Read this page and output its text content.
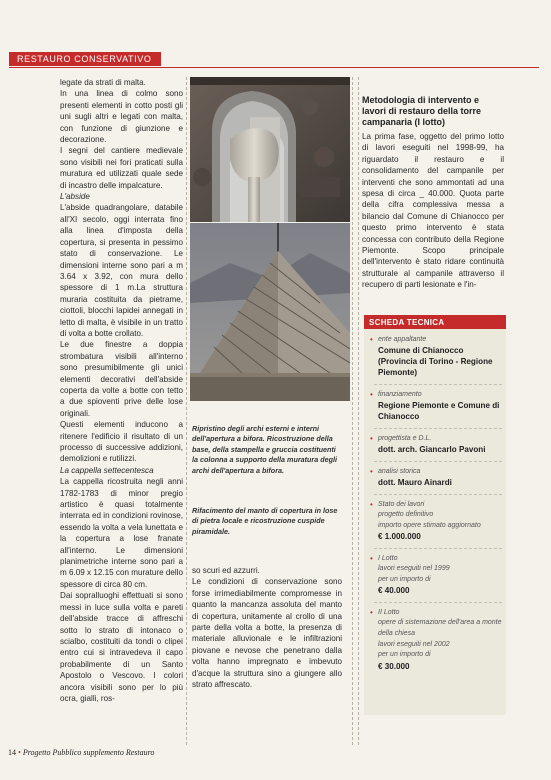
RESTAURO CONSERVATIVO

legate da strati di malta.

In una linea di colmo sono presenti elementi in cotto posti gli uni sugli altri e legati con malta, con funzione di giunzione e decorazione.

I segni del cantiere medievale sono visibili nei fori praticati sulla muratura ed utilizzati quale sede di incastro delle impalcature.

L'abside

L'abside quadrangolare, databile all'XI secolo, oggi interrata fino alla linea d'imposta della copertura, si presenta in pessimo stato di conservazione. Le dimensioni interne sono pari a m 3.64 x 3.92, con mura dello spessore di 1 m.La struttura muraria costituita da pietrame, ciottoli, blocchi lapidei annegati in letto di malta, è visibile in un tratto di volta a botte crollato.

Le due finestre a doppia strombatura visibili all'interno sono presumibilmente gli unici elementi decorativi dell'abside coperta da volte a botte con tetto a due spioventi prive delle lose originali.

Questi elementi inducono a ritenere l'edificio il risultato di un processo di successive addizioni, demolizioni e rutilizzi.

La cappella settecentesca

La cappella ricostruita negli anni 1782-1783 di minor pregio artistico è quasi totalmente interrata ed in condizioni rovinose, essendo la volta a vela lunettata e la copertura a lose franate all'interno. Le dimensioni planimetriche interne sono pari a m 6.09 x 12.15 con murature dello spessore di circa 80 cm.

Dai sopralluoghi effettuati si sono messi in luce sulla volta e pareti dell'abside tracce di affreschi sotto lo strato di intonaco o scialbo, costituiti da tondi o clipei entro cui si intravedeva il capo probabilmente di un Santo Apostolo o Vescovo. I colori ancora visibili sono per lo più ocra, gialli, ros-

Ripristino degli archi esterni e interni dell'apertura a bifora. Ricostruzione della base, della stampella e gruccia costituenti la colonna a supporto della muratura degli archi dell'apertura a bifora.
Rifacimento del manto di copertura in lose di pietra locale e ricostruzione cuspide piramidale.

so scuri ed azzurri.

Le condizioni di conservazione sono forse irrimediabilmente compromesse in quanto la mancanza assoluta del manto di copertura, unitamente al crollo di una parte della volta a botte, la presenza di materiale alluvionale e le infiltrazioni piovane e nevose che penetrano dalla volta hanno impregnato e imbevuto d'acque la struttura sino a giungere allo strato affrescato.

Metodologia di intervento e lavori di restauro della torre campanaria (I lotto)

La prima fase, oggetto del primo lotto di lavori eseguiti nel 1998-99, ha riguardato il restauro e il consolidamento del campanile per interventi che sono ammontati ad una spesa di circa _ 40.000. Quota parte della cifra complessiva messa a bilancio dal Comune di Chianocco per questo primo intervento è stata concessa con contributo della Regione Piemonte. Scopo principale dell'intervento è stato ridare continuità strutturale al campanile attraverso il recupero di parti lesionate e l'in-

SCHEDA TECNICA
• ente appaltante
Comune di Chianocco (Provincia di Torino - Regione Piemonte)
• finanziamento
Regione Piemonte e Comune di Chianocco
• progettista e D.L.
dott. arch. Giancarlo Pavoni
• analisi storica
dott. Mauro Ainardi
• Stato dei lavori
progetto definitivo
importo opere stimato aggiornato
€ 1.000.000
• I Lotto
lavori eseguiti nel 1999
per un importo di
€ 40.000
• II Lotto
opere di sistemazione dell'area a monte della chiesa
lavori eseguiti nel 2002
per un importo di
€ 30.000
14 • Progetto Pubblico supplemento Restauro
